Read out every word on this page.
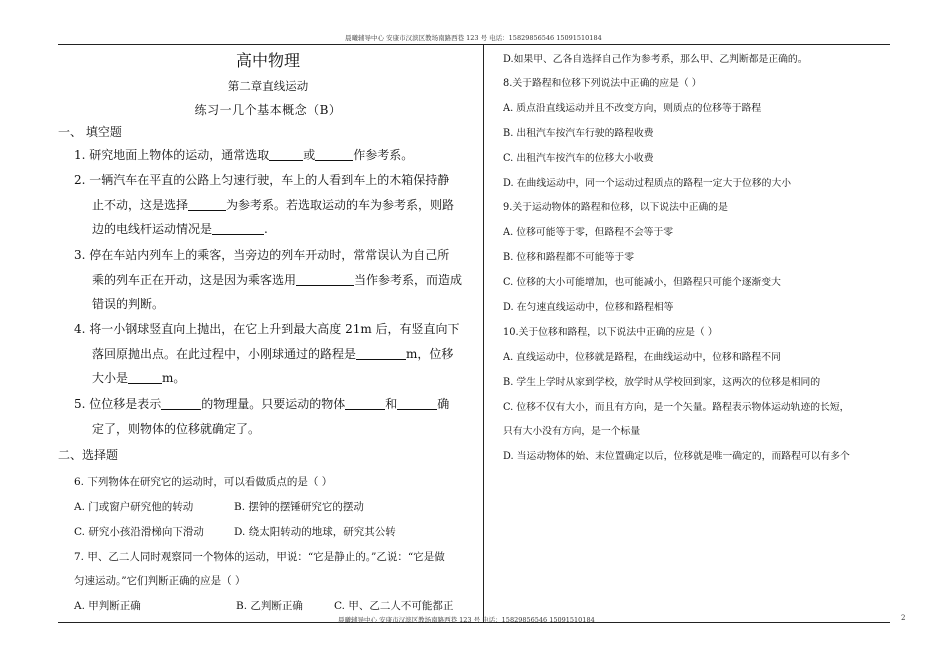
晨曦辅导中心 安康市汉滨区教场南路西巷 123 号 电话：15829856546 15091510184
晨曦辅导中心 安康市汉滨区教场南路西巷 123 号 电话：15829856546 15091510184	2
高中物理
第二章直线运动
练习一几个基本概念（B）
一、 填空题
1. 研究地面上物体的运动，通常选取	或	作参考系。
2. 一辆汽车在平直的公路上匀速行驶，车上的人看到车上的木箱保持静
止不动，这是选择	为参考系。若选取运动的车为参考系，则路
边的电线杆运动情况是	.
3. 停在车站内列车上的乘客，当旁边的列车开动时，常常误认为自己所
乘的列车正在开动，这是因为乘客选用	当作参考系，而造成
错误的判断。
4. 将一小钢球竖直向上抛出，在它上升到最大高度 21m 后，有竖直向下
落回原抛出点。在此过程中，小刚球通过的路程是	m，位移
大小是	m。
5. 位位移是表示	的物理量。只要运动的物体	和	确
定了，则物体的位移就确定了。
二、选择题
6. 下列物体在研究它的运动时，可以看做质点的是（ ）
A. 门或窗户研究他的转动	B. 摆钟的摆锤研究它的摆动
C. 研究小孩沿滑梯向下滑动	D. 绕太阳转动的地球，研究其公转
7. 甲、乙二人同时观察同一个物体的运动，甲说：“它是静止的。”乙说：“它是做
匀速运动。”它们判断正确的应是（ ）
A. 甲判断正确	B. 乙判断正确	C. 甲、乙二人不可能都正
D.如果甲、乙各自选择自己作为参考系，那么甲、乙判断都是正确的。
8.关于路程和位移下列说法中正确的应是（ ）
A. 质点沿直线运动并且不改变方向，则质点的位移等于路程
B. 出租汽车按汽车行驶的路程收费
C. 出租汽车按汽车的位移大小收费
D. 在曲线运动中，同一个运动过程质点的路程一定大于位移的大小
9.关于运动物体的路程和位移，以下说法中正确的是
A. 位移可能等于零，但路程不会等于零
B. 位移和路程都不可能等于零
C. 位移的大小可能增加，也可能减小，但路程只可能个逐渐变大
D. 在匀速直线运动中，位移和路程相等
10.关于位移和路程，以下说法中正确的应是（ ）
A. 直线运动中，位移就是路程，在曲线运动中，位移和路程不同
B. 学生上学时从家到学校，放学时从学校回到家，这两次的位移是相同的
C. 位移不仅有大小，而且有方向，是一个矢量。路程表示物体运动轨迹的长短，
只有大小没有方向，是一个标量
D. 当运动物体的始、末位置确定以后，位移就是唯一确定的，而路程可以有多个
